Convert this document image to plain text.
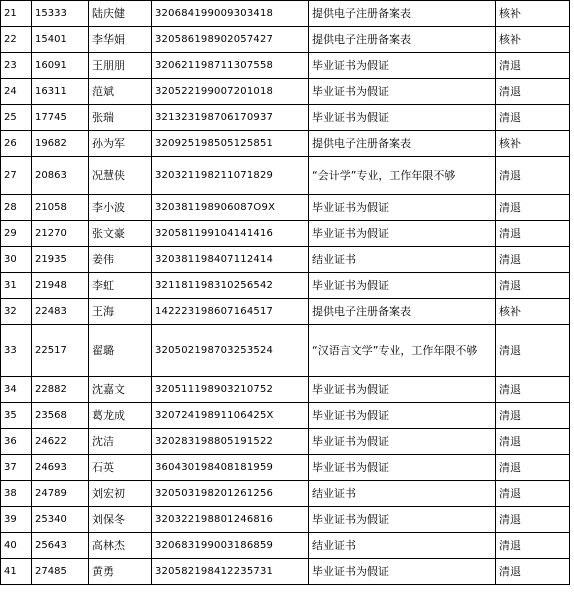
21	15333	陆庆健	320684199009303418	提供电子注册备案表	核补
22	15401	李华娟	320586198902057427	提供电子注册备案表	核补
23	16091	王朋朋	320621198711307558	毕业证书为假证	清退
24	16311	范斌	320522199007201018	毕业证书为假证	清退
25	17745	张瑞	321323198706170937	毕业证书为假证	清退
26	19682	孙为军	320925198505125851	提供电子注册备案表	核补
27	20863	况慧侠	320321198211071829	“会计学”专业，工作年限不够	清退
28	21058	李小波	320381198906087O9X	毕业证书为假证	清退
29	21270	张文豪	320581199104141416	毕业证书为假证	清退
30	21935	姜伟	320381198407112414	结业证书	清退
31	21948	李虹	321181198310256542	毕业证书为假证	清退
32	22483	王海	142223198607164517	提供电子注册备案表	核补
33	22517	翟璐	320502198703253524	“汉语言文学”专业，工作年限不够	清退
34	22882	沈嘉文	320511198903210752	毕业证书为假证	清退
35	23568	葛龙成	32072419891106425X	毕业证书为假证	清退
36	24622	沈洁	320283198805191522	毕业证书为假证	清退
37	24693	石英	360430198408181959	毕业证书为假证	清退
38	24789	刘宏初	320503198201261256	结业证书	清退
39	25340	刘保冬	320322198801246816	毕业证书为假证	清退
40	25643	高林杰	320683199003186859	结业证书	清退
41	27485	黄勇	320582198412235731	毕业证书为假证	清退
